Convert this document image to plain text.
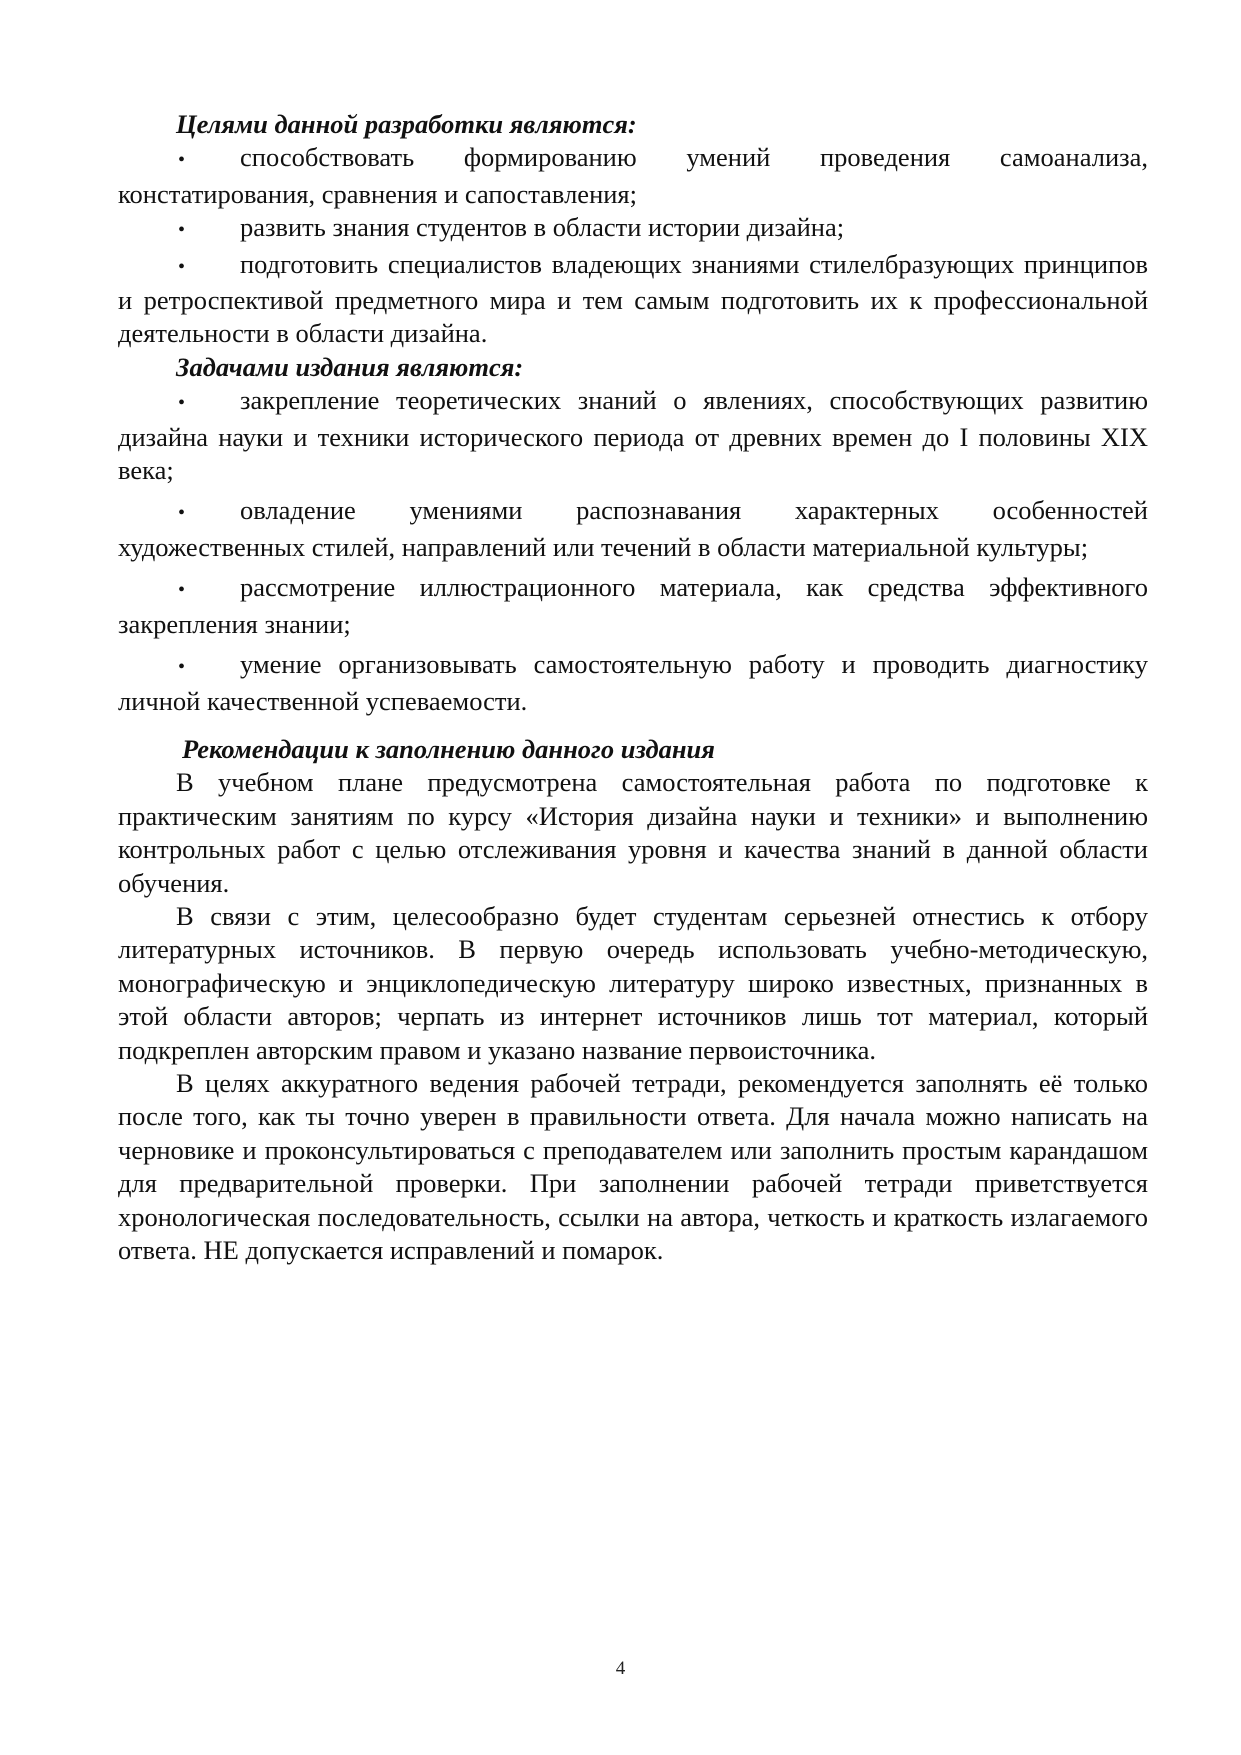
Целями данной разработки являются:

• способствовать формированию умений проведения самоанализа, констатирования, сравнения и сапоставления;

• развить знания студентов в области истории дизайна;

• подготовить специалистов владеющих знаниями стилелбразующих принципов и ретроспективой предметного мира и тем самым подготовить их к профессиональной деятельности в области дизайна.

Задачами издания являются:

• закрепление теоретических знаний о явлениях, способствующих развитию дизайна науки и техники исторического периода от древних времен до I половины XIX века;

• овладение умениями распознавания характерных особенностей художественных стилей, направлений или течений в области материальной культуры;

• рассмотрение иллюстрационного материала, как средства эффективного закрепления знании;

• умение организовывать самостоятельную работу и проводить диагностику личной качественной успеваемости.

Рекомендации к заполнению данного издания

В учебном плане предусмотрена самостоятельная работа по подготовке к практическим занятиям по курсу «История дизайна науки и техники» и выполнению контрольных работ с целью отслеживания уровня и качества знаний в данной области обучения.

В связи с этим, целесообразно будет студентам серьезней отнестись к отбору литературных источников. В первую очередь использовать учебно-методическую, монографическую и энциклопедическую литературу широко известных, признанных в этой области авторов; черпать из интернет источников лишь тот материал, который подкреплен авторским правом и указано название первоисточника.

В целях аккуратного ведения рабочей тетради, рекомендуется заполнять её только после того, как ты точно уверен в правильности ответа. Для начала можно написать на черновике и проконсультироваться с преподавателем или заполнить простым карандашом для предварительной проверки. При заполнении рабочей тетради приветствуется хронологическая последовательность, ссылки на автора, четкость и краткость излагаемого ответа. НЕ допускается исправлений и помарок.

4
